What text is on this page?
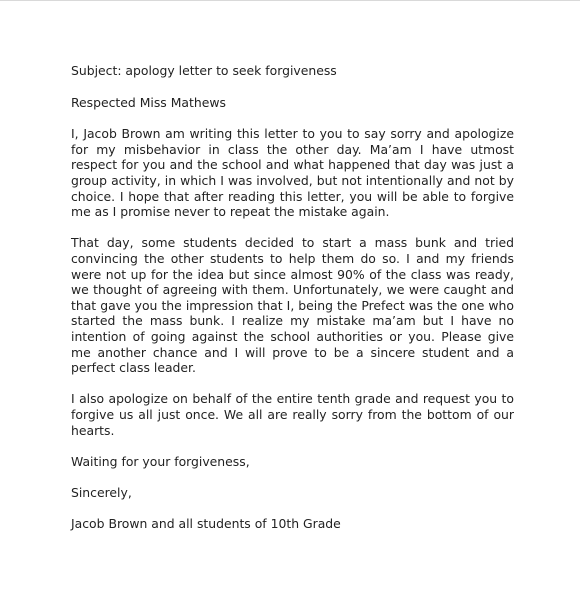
Subject: apology letter to seek forgiveness

Respected Miss Mathews

I, Jacob Brown am writing this letter to you to say sorry and apologize for my misbehavior in class the other day. Ma’am I have utmost respect for you and the school and what happened that day was just a group activity, in which I was involved, but not intentionally and not by choice. I hope that after reading this letter, you will be able to forgive me as I promise never to repeat the mistake again.

That day, some students decided to start a mass bunk and tried convincing the other students to help them do so. I and my friends were not up for the idea but since almost 90% of the class was ready, we thought of agreeing with them. Unfortunately, we were caught and that gave you the impression that I, being the Prefect was the one who started the mass bunk. I realize my mistake ma’am but I have no intention of going against the school authorities or you. Please give me another chance and I will prove to be a sincere student and a perfect class leader.

I also apologize on behalf of the entire tenth grade and request you to forgive us all just once. We all are really sorry from the bottom of our hearts.

Waiting for your forgiveness,

Sincerely,

Jacob Brown and all students of 10th Grade
